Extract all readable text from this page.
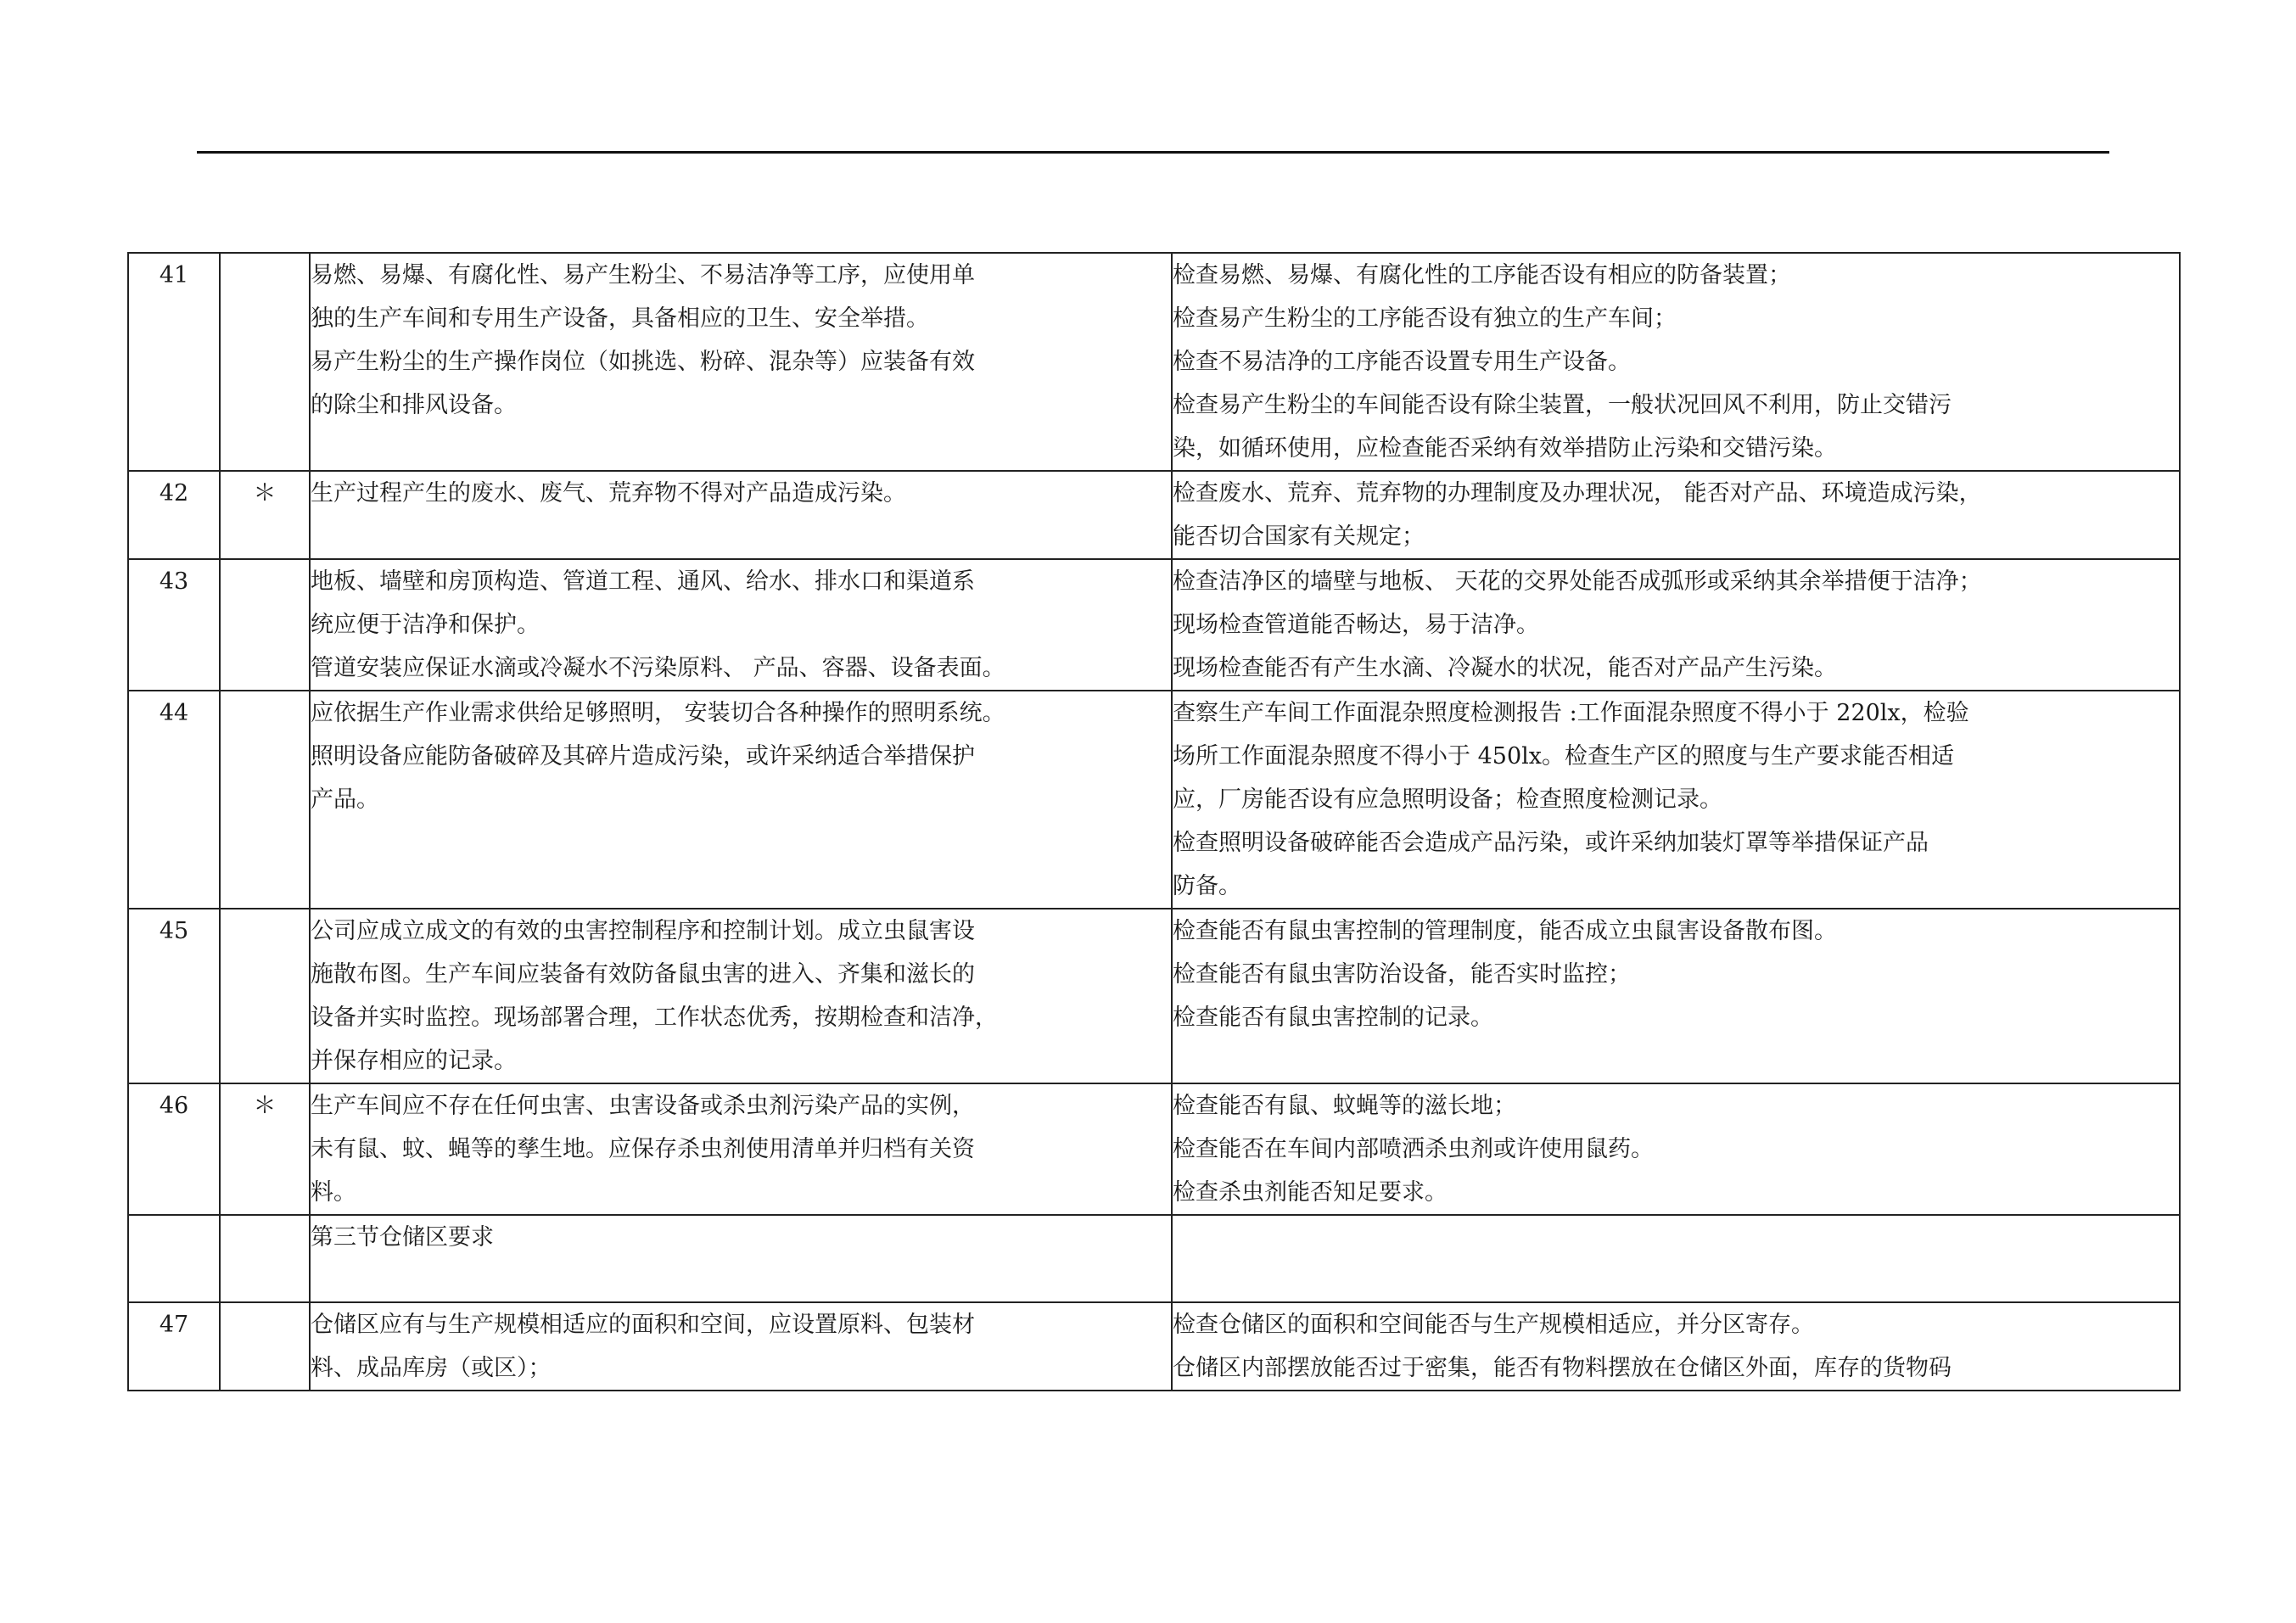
41		易燃、易爆、有腐化性、易产生粉尘、不易洁净等工序，应使用单
独的生产车间和专用生产设备，具备相应的卫生、安全举措。
易产生粉尘的生产操作岗位（如挑选、粉碎、混杂等）应装备有效
的除尘和排风设备。	检查易燃、易爆、有腐化性的工序能否设有相应的防备装置；
检查易产生粉尘的工序能否设有独立的生产车间；
检查不易洁净的工序能否设置专用生产设备。
检查易产生粉尘的车间能否设有除尘装置，一般状况回风不利用，防止交错污
染，如循环使用，应检查能否采纳有效举措防止污染和交错污染。

42	＊	生产过程产生的废水、废气、荒弃物不得对产品造成污染。	检查废水、荒弃、荒弃物的办理制度及办理状况， 能否对产品、环境造成污染，
能否切合国家有关规定；

43		地板、墙壁和房顶构造、管道工程、通风、给水、排水口和渠道系
统应便于洁净和保护。
管道安装应保证水滴或冷凝水不污染原料、 产品、容器、设备表面。	检查洁净区的墙壁与地板、 天花的交界处能否成弧形或采纳其余举措便于洁净；
现场检查管道能否畅达，易于洁净。
现场检查能否有产生水滴、冷凝水的状况，能否对产品产生污染。

44		应依据生产作业需求供给足够照明， 安装切合各种操作的照明系统。
照明设备应能防备破碎及其碎片造成污染，或许采纳适合举措保护
产品。	查察生产车间工作面混杂照度检测报告 :工作面混杂照度不得小于 220lx，检验
场所工作面混杂照度不得小于 450lx。检查生产区的照度与生产要求能否相适
应，厂房能否设有应急照明设备；检查照度检测记录。
检查照明设备破碎能否会造成产品污染，或许采纳加装灯罩等举措保证产品
防备。

45		公司应成立成文的有效的虫害控制程序和控制计划。成立虫鼠害设
施散布图。生产车间应装备有效防备鼠虫害的进入、齐集和滋长的
设备并实时监控。现场部署合理，工作状态优秀，按期检查和洁净，
并保存相应的记录。	检查能否有鼠虫害控制的管理制度，能否成立虫鼠害设备散布图。
检查能否有鼠虫害防治设备，能否实时监控；
检查能否有鼠虫害控制的记录。

46	＊	生产车间应不存在任何虫害、虫害设备或杀虫剂污染产品的实例，
未有鼠、蚊、蝇等的孳生地。应保存杀虫剂使用清单并归档有关资
料。	检查能否有鼠、蚊蝇等的滋长地；
检查能否在车间内部喷洒杀虫剂或许使用鼠药。
检查杀虫剂能否知足要求。

		第三节仓储区要求	

47		仓储区应有与生产规模相适应的面积和空间，应设置原料、包装材
料、成品库房（或区）；	检查仓储区的面积和空间能否与生产规模相适应，并分区寄存。
仓储区内部摆放能否过于密集，能否有物料摆放在仓储区外面，库存的货物码
